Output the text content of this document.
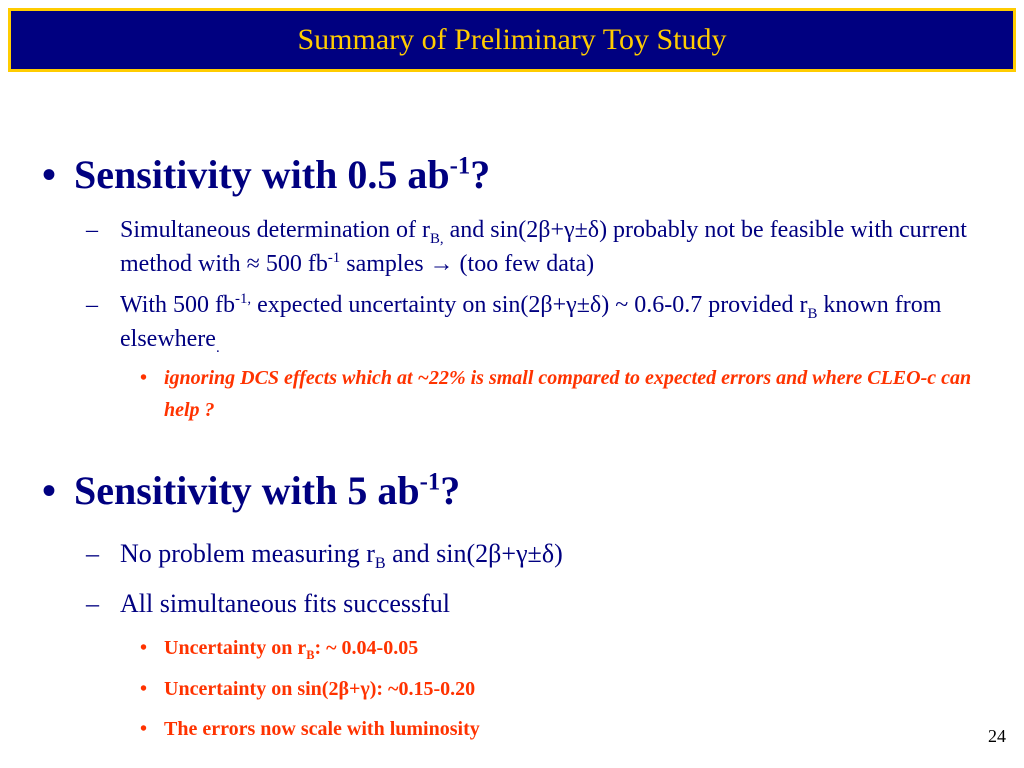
Summary of Preliminary Toy Study
• Sensitivity with 0.5 $ab^{-1}$?
– Simultaneous determination of $r_{B,}$ and sin(2β+γ±δ) probably not be feasible with current method with ≈ 500 $fb^{-1}$ samples → (too few data)
– With 500 $fb^{-1,}$ expected uncertainty on sin(2β+γ±δ) ~ 0.6-0.7 provided $r_B$ known from elsewhere$_.$
• ignoring DCS effects which at ~22% is small compared to expected errors and where CLEO-c can help ?
• Sensitivity with 5 $ab^{-1}$?
– No problem measuring $r_B$ and sin(2β+γ±δ)
– All simultaneous fits successful
• Uncertainty on $r_B$: ~ 0.04-0.05
• Uncertainty on sin(2β+γ): ~0.15-0.20
• The errors now scale with luminosity	24
